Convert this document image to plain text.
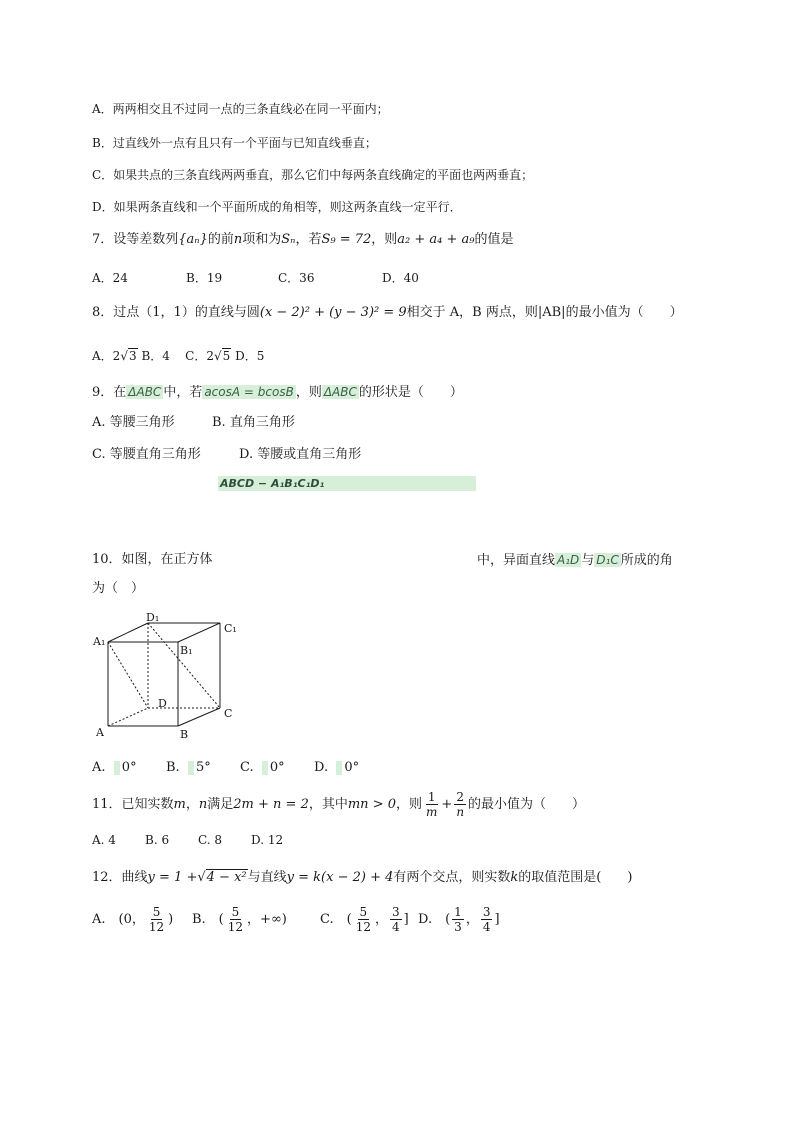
A．两两相交且不过同一点的三条直线必在同一平面内；
B．过直线外一点有且只有一个平面与已知直线垂直；
C．如果共点的三条直线两两垂直，那么它们中每两条直线确定的平面也两两垂直；
D．如果两条直线和一个平面所成的角相等，则这两条直线一定平行．
7．设等差数列{aₙ}的前n项和为Sₙ，若S₉ = 72，则a₂ + a₄ + a₉的值是
A．24	B．19	C．36	D．40
8．过点（1，1）的直线与圆(x − 2)² + (y − 3)² = 9相交于 A，B 两点，则|AB|的最小值为（　　）
A．2√3 B．4 C．2√5 D．5
9．在 ΔABC 中，若 acosA = bcosB ，则 ΔABC 的形状是（　　）
A. 等腰三角形	B. 直角三角形
C. 等腰直角三角形	D. 等腰或直角三角形
ABCD − A₁B₁C₁D₁
10．如图，在正方体	中，异面直线 A₁D 与 D₁C 所成的角
为（　）
A₁
D₁
C₁
B₁
D
C
A	B
A. 0° B. 5° C. 0° D. 0°
11．已知实数m，n满足2m + n = 2，其中mn > 0，则 $\frac{1}{m} + \frac{2}{n}$ 的最小值为（　　）
A. 4 B. 6 C. 8 D. 12
12．曲线y = 1 +√4 − x²与直线y = k(x − 2) + 4有两个交点，则实数k的取值范围是(　　)
A.　(0， $\frac{5}{12}$ ) B.　( $\frac{5}{12}$ ，+∞)	C.　( $\frac{5}{12}$ ， $\frac{3}{4}$ ] D.　( $\frac{1}{3}$ ， $\frac{3}{4}$ ]
